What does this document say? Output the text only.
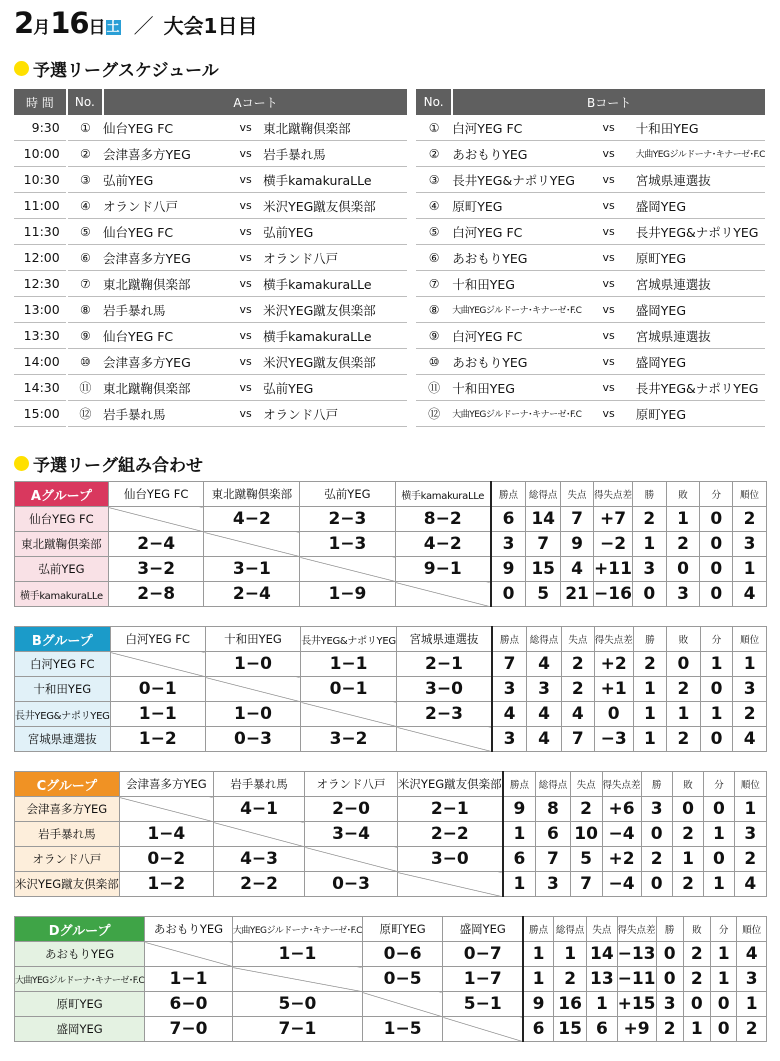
2 月 16 日 土 ／ 大会1日目
予選リーグスケジュール
時 間	No.	Aコート				No.	Bコート		
9:30	①	仙台YEG FC	vs	東北蹴鞠倶楽部		①	白河YEG FC	vs	十和田YEG
10:00	②	会津喜多方YEG	vs	岩手暴れ馬		②	あおもりYEG	vs	大曲YEGジルドーナ･キナーゼ･F.C
10:30	③	弘前YEG	vs	横手kamakuraLLe		③	長井YEG&ナポリYEG	vs	宮城県連選抜
11:00	④	オランド八戸	vs	米沢YEG蹴友倶楽部		④	原町YEG	vs	盛岡YEG
11:30	⑤	仙台YEG FC	vs	弘前YEG		⑤	白河YEG FC	vs	長井YEG&ナポリYEG
12:00	⑥	会津喜多方YEG	vs	オランド八戸		⑥	あおもりYEG	vs	原町YEG
12:30	⑦	東北蹴鞠倶楽部	vs	横手kamakuraLLe		⑦	十和田YEG	vs	宮城県連選抜
13:00	⑧	岩手暴れ馬	vs	米沢YEG蹴友倶楽部		⑧	大曲YEGジルドーナ･キナーゼ･F.C	vs	盛岡YEG
13:30	⑨	仙台YEG FC	vs	横手kamakuraLLe		⑨	白河YEG FC	vs	宮城県連選抜
14:00	⑩	会津喜多方YEG	vs	米沢YEG蹴友倶楽部		⑩	あおもりYEG	vs	盛岡YEG
14:30	⑪	東北蹴鞠倶楽部	vs	弘前YEG		⑪	十和田YEG	vs	長井YEG&ナポリYEG
15:00	⑫	岩手暴れ馬	vs	オランド八戸		⑫	大曲YEGジルドーナ･キナーゼ･F.C	vs	原町YEG
予選リーグ組み合わせ
Aグループ	仙台YEG FC	東北蹴鞠倶楽部	弘前YEG	横手kamakuraLLe	勝点	総得点	失点	得失点差	勝	敗	分	順位
仙台YEG FC		4−2	2−3	8−2	6	14	7	+7	2	1	0	2
東北蹴鞠倶楽部	2−4		1−3	4−2	3	7	9	−2	1	2	0	3
弘前YEG	3−2	3−1		9−1	9	15	4	+11	3	0	0	1
横手kamakuraLLe	2−8	2−4	1−9		0	5	21	−16	0	3	0	4
Bグループ	白河YEG FC	十和田YEG	長井YEG&ナポリYEG	宮城県連選抜	勝点	総得点	失点	得失点差	勝	敗	分	順位
白河YEG FC		1−0	1−1	2−1	7	4	2	+2	2	0	1	1
十和田YEG	0−1		0−1	3−0	3	3	2	+1	1	2	0	3
長井YEG&ナポリYEG	1−1	1−0		2−3	4	4	4	0	1	1	1	2
宮城県連選抜	1−2	0−3	3−2		3	4	7	−3	1	2	0	4
Cグループ	会津喜多方YEG	岩手暴れ馬	オランド八戸	米沢YEG蹴友倶楽部	勝点	総得点	失点	得失点差	勝	敗	分	順位
会津喜多方YEG		4−1	2−0	2−1	9	8	2	+6	3	0	0	1
岩手暴れ馬	1−4		3−4	2−2	1	6	10	−4	0	2	1	3
オランド八戸	0−2	4−3		3−0	6	7	5	+2	2	1	0	2
米沢YEG蹴友倶楽部	1−2	2−2	0−3		1	3	7	−4	0	2	1	4
Dグループ	あおもりYEG	大曲YEGジルドーナ･キナーゼ･F.C	原町YEG	盛岡YEG	勝点	総得点	失点	得失点差	勝	敗	分	順位
あおもりYEG		1−1	0−6	0−7	1	1	14	−13	0	2	1	4
大曲YEGジルドーナ･キナーゼ･F.C	1−1		0−5	1−7	1	2	13	−11	0	2	1	3
原町YEG	6−0	5−0		5−1	9	16	1	+15	3	0	0	1
盛岡YEG	7−0	7−1	1−5		6	15	6	+9	2	1	0	2
